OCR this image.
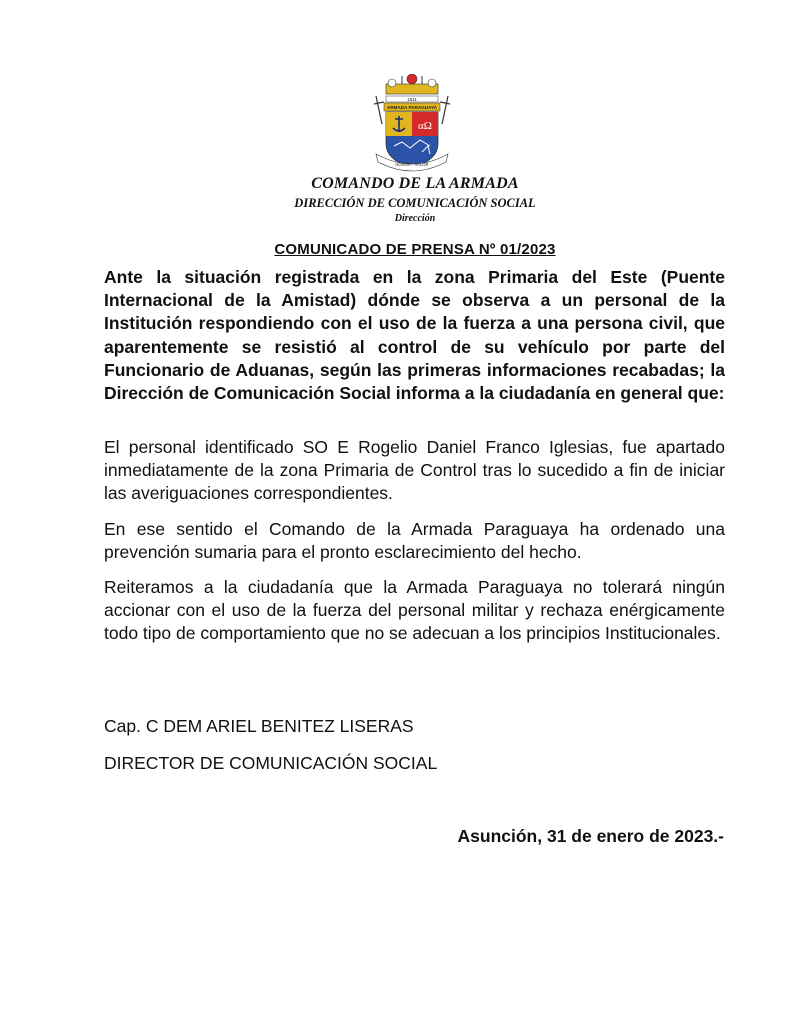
1811
ARMADA PARAGUAYA
αΩ
HONOR · VALOR
COMANDO DE LA ARMADA
DIRECCIÓN DE COMUNICACIÓN SOCIAL
Dirección
COMUNICADO DE PRENSA Nº 01/2023
Ante la situación registrada en la zona Primaria del Este (Puente Internacional de la Amistad) dónde se observa a un personal de la Institución respondiendo con el uso de la fuerza a una persona civil, que aparentemente se resistió al control de su vehículo por parte del Funcionario de Aduanas, según las primeras informaciones recabadas; la Dirección de Comunicación Social informa a la ciudadanía en general que:
El personal identificado SO E Rogelio Daniel Franco Iglesias, fue apartado inmediatamente de la zona Primaria de Control tras lo sucedido a fin de iniciar las averiguaciones correspondientes.
En ese sentido el Comando de la Armada Paraguaya ha ordenado una prevención sumaria para el pronto esclarecimiento del hecho.
Reiteramos a la ciudadanía que la Armada Paraguaya no tolerará ningún accionar con el uso de la fuerza del personal militar y rechaza enérgicamente todo tipo de comportamiento que no se adecuan a los principios Institucionales.
Cap. C DEM ARIEL BENITEZ LISERAS
DIRECTOR DE COMUNICACIÓN SOCIAL
Asunción, 31 de enero de 2023.-
